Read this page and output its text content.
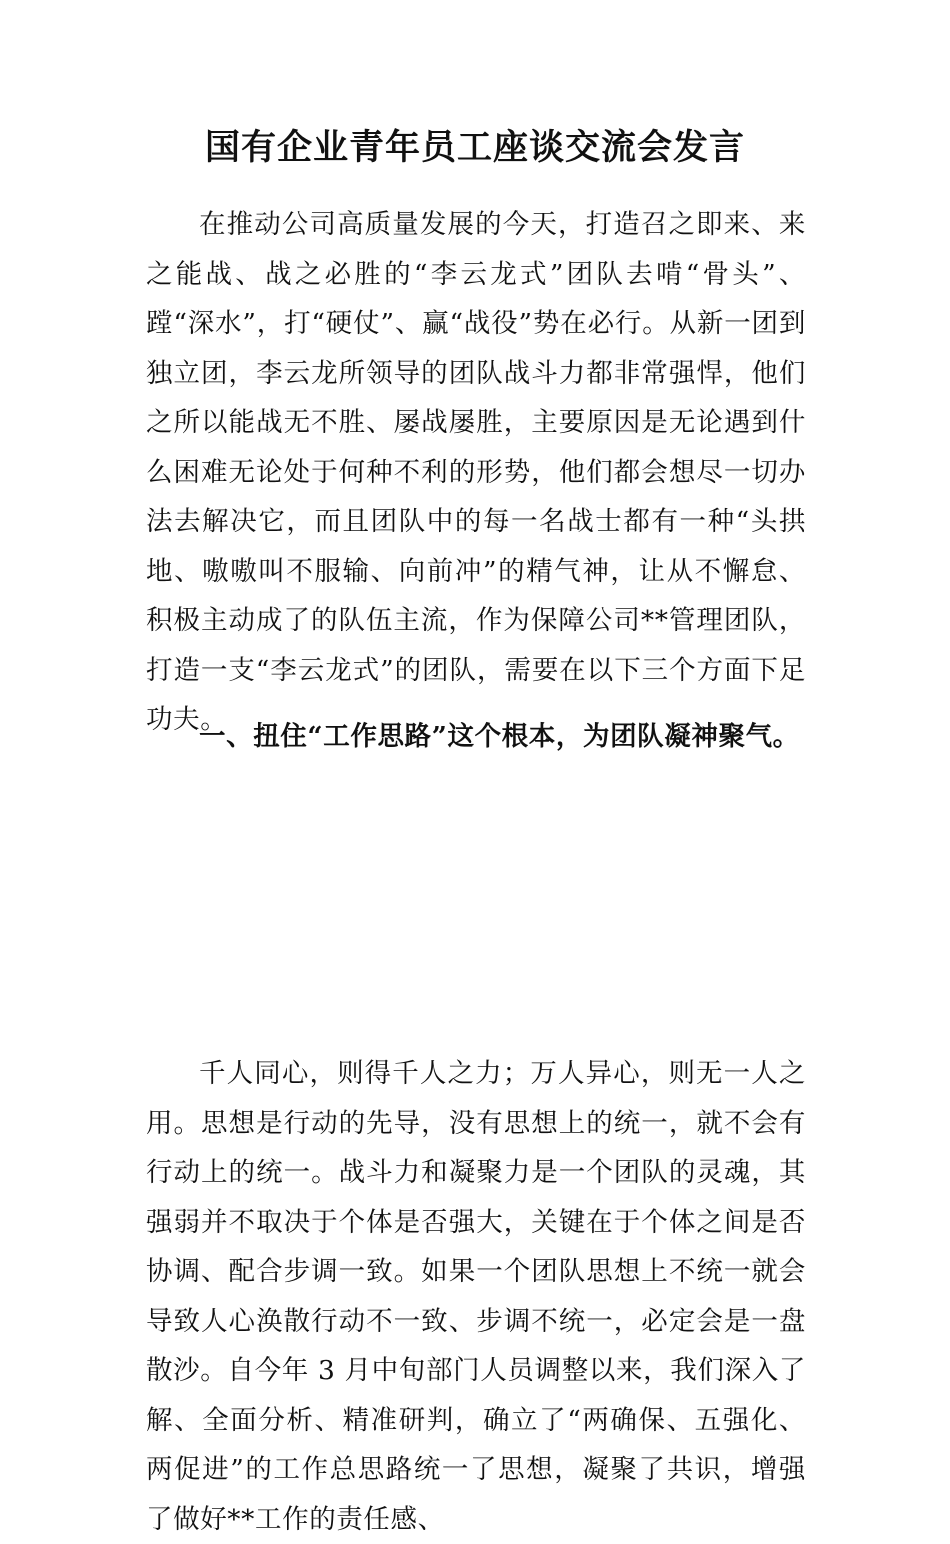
国有企业青年员工座谈交流会发言

在推动公司高质量发展的今天，打造召之即来、来之能战、战之必胜的“李云龙式”团队去啃“骨头”、蹚“深水”，打“硬仗”、赢“战役”势在必行。从新一团到独立团，李云龙所领导的团队战斗力都非常强悍，他们之所以能战无不胜、屡战屡胜，主要原因是无论遇到什么困难无论处于何种不利的形势，他们都会想尽一切办法去解决它，而且团队中的每一名战士都有一种“头拱地、嗷嗷叫不服输、向前冲”的精气神，让从不懈怠、积极主动成了的队伍主流，作为保障公司**管理团队，打造一支“李云龙式”的团队，需要在以下三个方面下足功夫。

一、扭住“工作思路”这个根本，为团队凝神聚气。

千人同心，则得千人之力；万人异心，则无一人之用。思想是行动的先导，没有思想上的统一，就不会有行动上的统一。战斗力和凝聚力是一个团队的灵魂，其强弱并不取决于个体是否强大，关键在于个体之间是否协调、配合步调一致。如果一个团队思想上不统一就会导致人心涣散行动不一致、步调不统一，必定会是一盘散沙。自今年 3 月中旬部门人员调整以来，我们深入了解、全面分析、精准研判，确立了“两确保、五强化、两促进”的工作总思路统一了思想，凝聚了共识，增强了做好**工作的责任感、
